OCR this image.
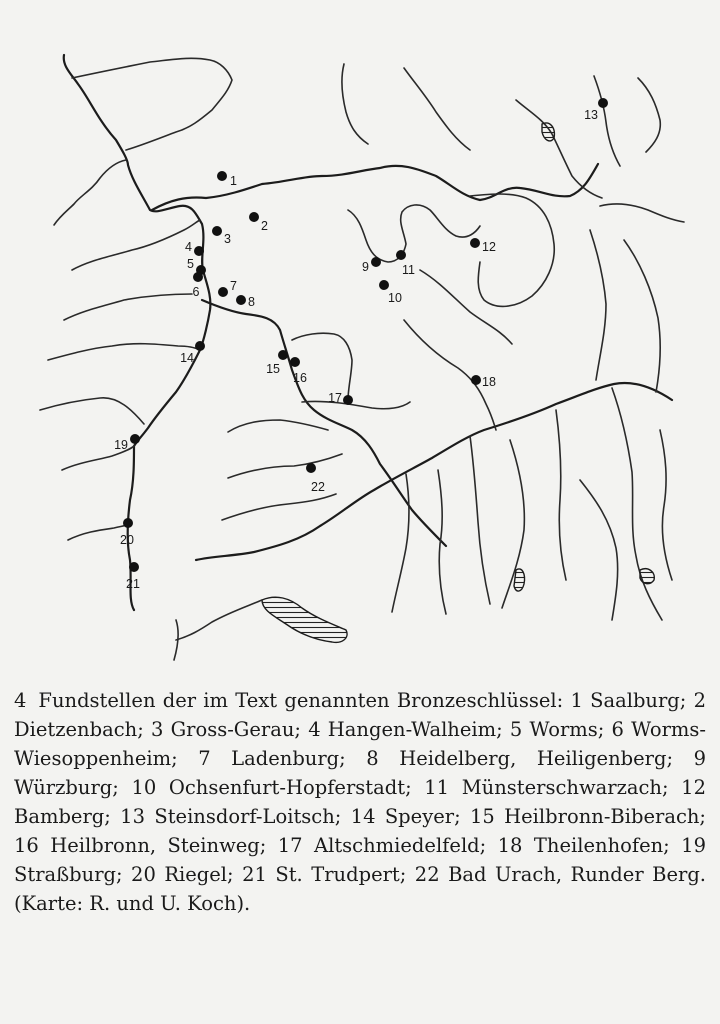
1
2
3
4
5
6 7
8
9
10
11
12
13
14
15
16
17
18
19
20
21
22
4 Fundstellen der im Text genannten Bronzeschlüssel: 1 Saalburg; 2 Dietzenbach; 3 Gross-Gerau; 4 Hangen-Walheim; 5 Worms; 6 Worms-Wiesoppenheim; 7 Ladenburg; 8 Heidelberg, Heiligenberg; 9 Würzburg; 10 Ochsenfurt-Hopferstadt; 11 Münsterschwarzach; 12 Bamberg; 13 Steinsdorf-Loitsch; 14 Speyer; 15 Heilbronn-Biberach; 16 Heilbronn, Steinweg; 17 Altschmiedelfeld; 18 Theilenhofen; 19 Straßburg; 20 Riegel; 21 St. Trudpert; 22 Bad Urach, Runder Berg. (Karte: R. und U. Koch).
